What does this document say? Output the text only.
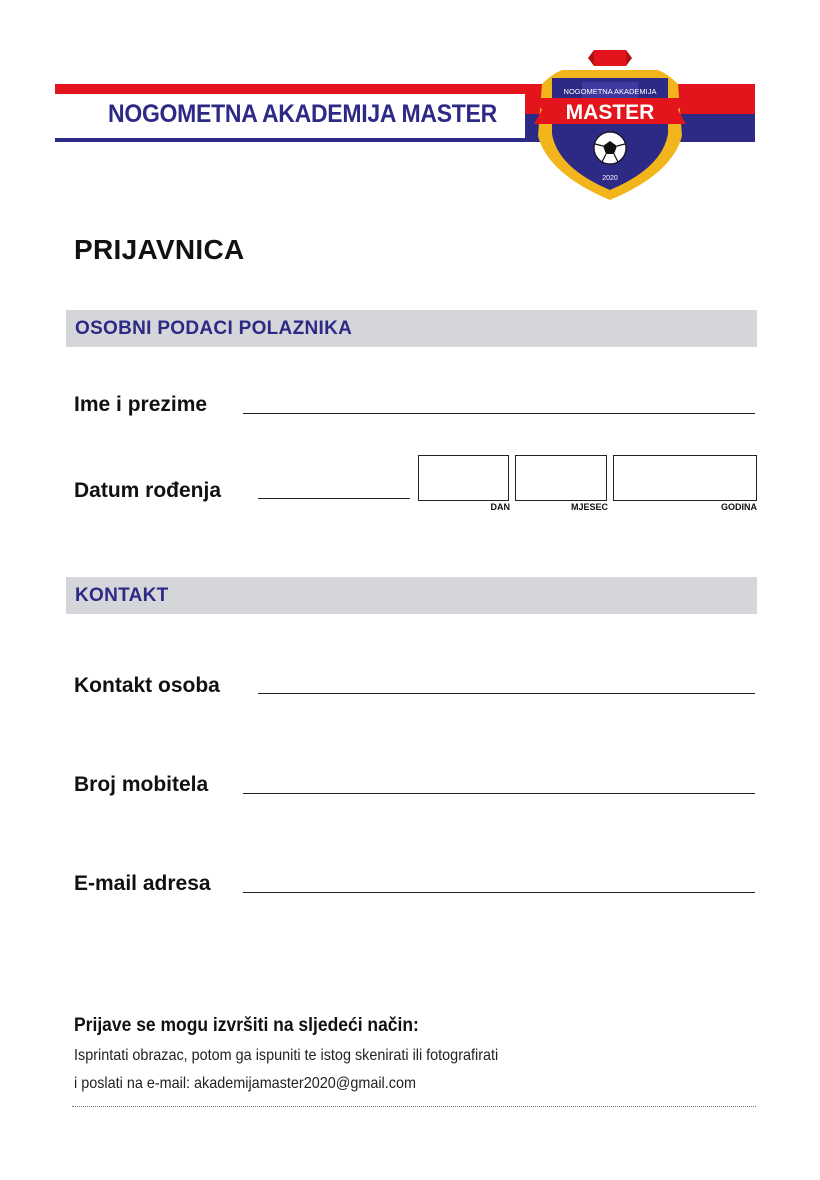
NOGOMETNA AKADEMIJA MASTER
NOGOMETNA AKADEMIJA
MASTER
2020
PRIJAVNICA
OSOBNI PODACI POLAZNIKA
Ime i prezime
Datum rođenja
DAN	MJESEC	GODINA
KONTAKT
Kontakt osoba
Broj mobitela
E-mail adresa
Prijave se mogu izvršiti na sljedeći način:
Isprintati obrazac, potom ga ispuniti te istog skenirati ili fotografirati
i poslati na e-mail: akademijamaster2020@gmail.com
